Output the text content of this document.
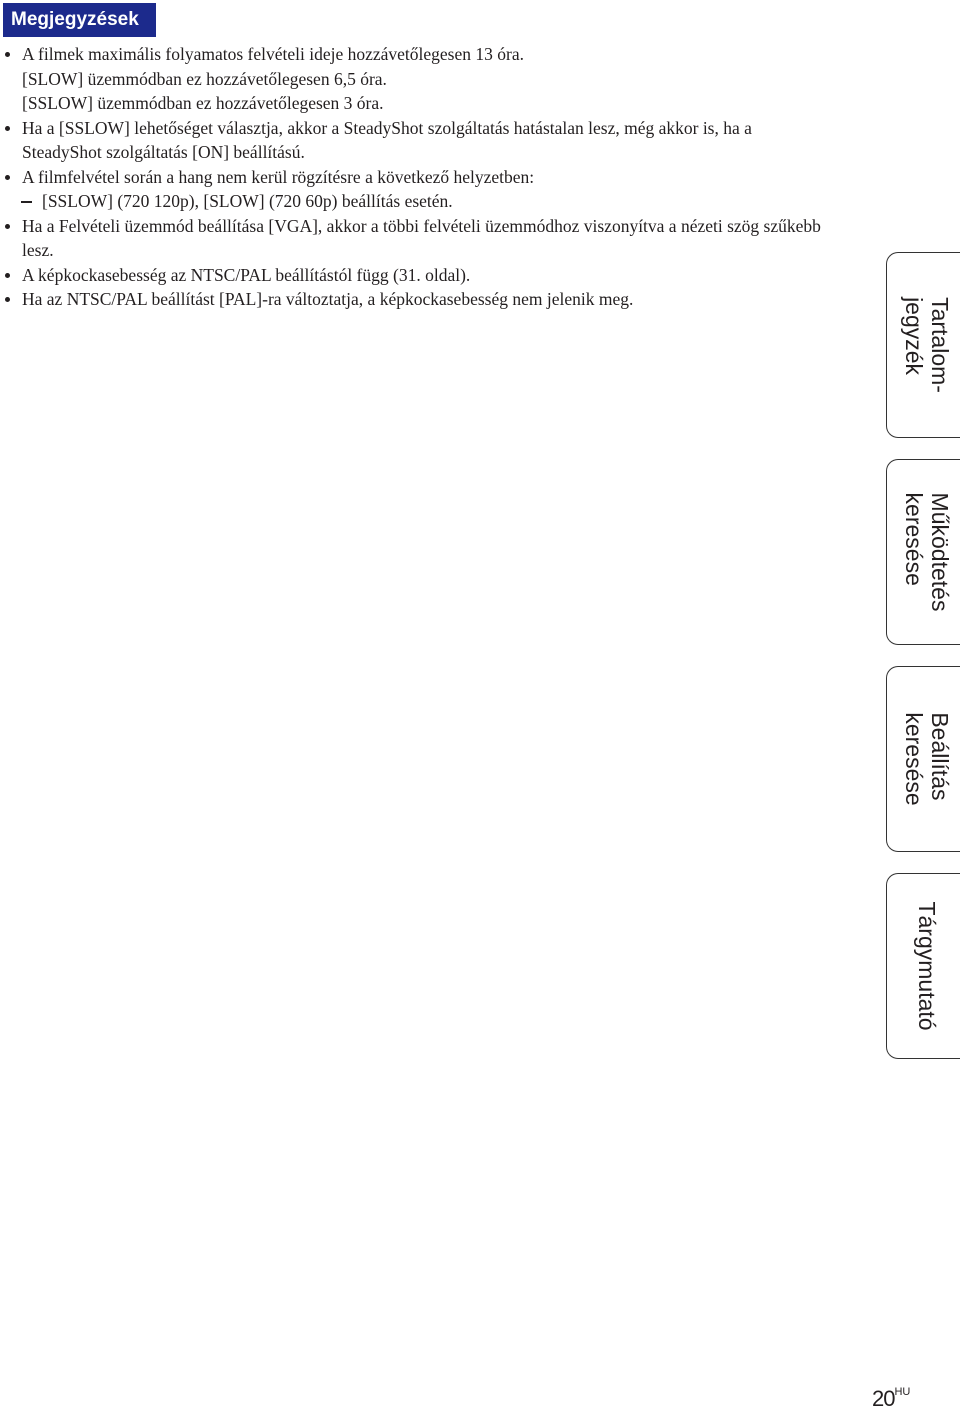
Megjegyzések
A filmek maximális folyamatos felvételi ideje hozzávetőlegesen 13 óra.
[SLOW] üzemmódban ez hozzávetőlegesen 6,5 óra.
[SSLOW] üzemmódban ez hozzávetőlegesen 3 óra.
Ha a [SSLOW] lehetőséget választja, akkor a SteadyShot szolgáltatás hatástalan lesz, még akkor is, ha a SteadyShot szolgáltatás [ON] beállítású.
A filmfelvétel során a hang nem kerül rögzítésre a következő helyzetben:
[SSLOW] (720 120p), [SLOW] (720 60p) beállítás esetén.
Ha a Felvételi üzemmód beállítása [VGA], akkor a többi felvételi üzemmódhoz viszonyítva a nézeti szög szűkebb lesz.
A képkockasebesség az NTSC/PAL beállítástól függ (31. oldal).
Ha az NTSC/PAL beállítást [PAL]-ra változtatja, a képkockasebesség nem jelenik meg.	Tartalom-
jegyzék
Működtetés
keresése
Beállítás
keresése
Tárgymutató
$20^{HU}$
